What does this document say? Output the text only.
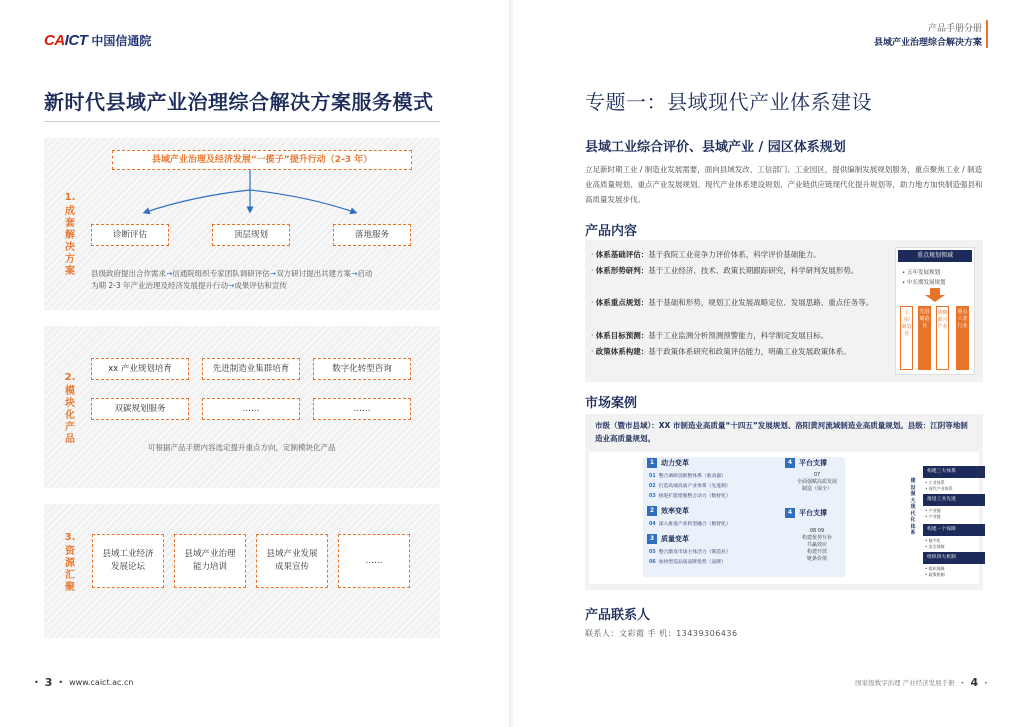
CAICT 中国信通院
新时代县域产业治理综合解决方案服务模式
1.
成套解决方案
县域产业治理及经济发展“一揽子”提升行动（2-3 年）
诊断评估	顶层规划	落地服务
县级政府提出合作需求→信通院组织专家团队调研评估→双方研讨提出共建方案→启动
为期 2-3 年产业治理及经济发展提升行动→成果评估和宣传
2.
模块化产品
xx 产业规划培育	先进制造业集群培育	数字化转型咨询
双碳规划服务	……	……
可根据产品手册内容选定提升重点方向，定制模块化产品
3.
资源汇聚
县域工业经济
发展论坛
县域产业治理
能力培训
县域产业发展
成果宣传
……
• 3 • www.caict.ac.cn
产品手册分册
县域产业治理综合解决方案
专题一：县域现代产业体系建设
县域工业综合评价、县域产业 / 园区体系规划
立足新时期工业 / 制造业发展需要，面向县域发改、工信部门、工业园区，提供编制发展规划服务，重点聚焦工业 / 制造业高质量规划、重点产业发展规划、现代产业体系建设规划、产业链供应链现代化提升规划等，助力地方加快制造强县和高质量发展步伐。
产品内容
· 体系基础评估：基于我院工业竞争力评价体系，科学评价基础能力。
· 体系形势研判：基于工业经济、技术、政策长期跟踪研究，科学研判发展形势。
· 体系重点规划：基于基础和形势，规划工业发展战略定位、发展思路、重点任务等。
· 体系目标预测：基于工业监测分析预测预警能力，科学制定发展目标。
· 政策体系构建：基于政策体系研究和政策评估能力，明确工业发展政策体系。
重点规划领域
• 五年发展规划
• 中长期发展规划
工业/制造业
先进制造业
战略新兴产业
重点工业行业
市场案例
市级（暨市县域）：XX 市制造业高质量“十四五”发展规划、洛阳黄河流域制造业高质量规划。县级：江阴等地制造业高质量规划。
1 动力变革
01 整合调研创新整体系（驱动器）
02 打造高端高质产业体系（先进制）
03 推进扩能增强整合动力（数智化）
2 效率变革
04 深入推进产业转型融合（数智化）
3 质量变革
05 整合激发市场主体活力（制造业）
06 加快塑造品质品牌优势（品牌）
4 平台支撑
07
全面强赋高质发展
制造（保全）
4 平台支撑
08 09
构建优势互补
共赢效应
构建开放
链条价值
建设强大现代化体系
构建三大体系
• 工业体系
• 现代产业体系
推进工业先进
• 产业链
• 产业链
构建一个保障
• 数字化
• 安全保障
组织四大机制
• 组织保障
• 政策机制
产品联系人
联系人：文彩霞 手 机：13439306436
国家级数字治理 产业经济发展手册 • 4 •
